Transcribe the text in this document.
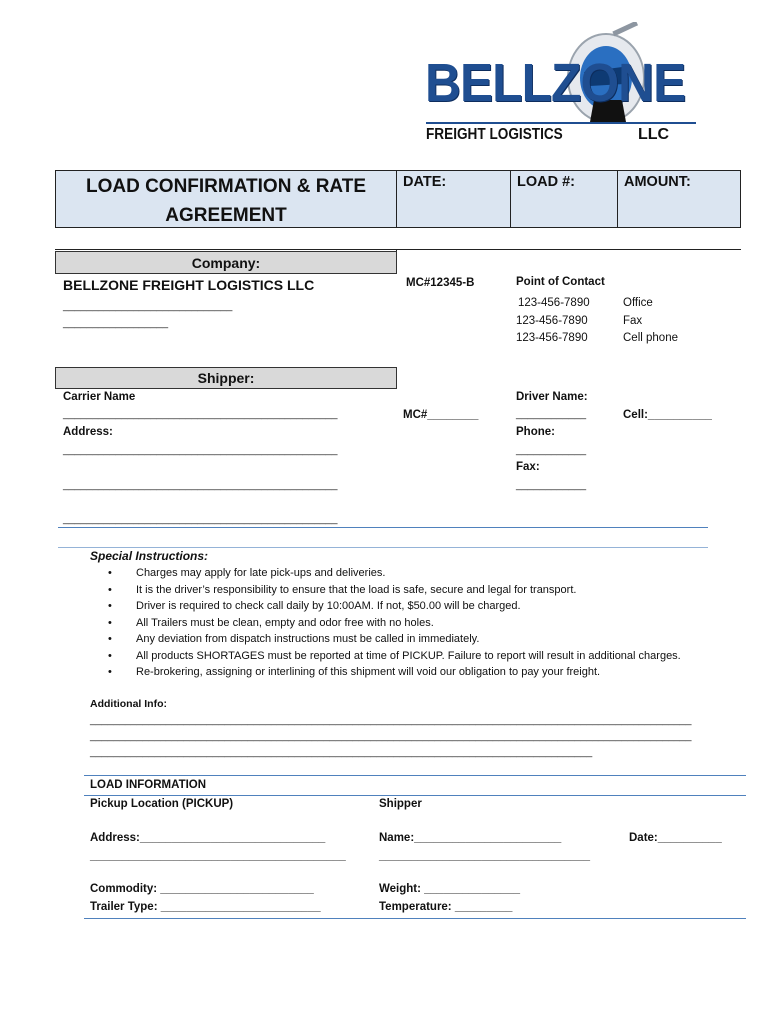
BELLZONE
FREIGHT LOGISTICS	LLC
LOAD CONFIRMATION & RATE
AGREEMENT
DATE:	LOAD #:	AMOUNT:
Company:
BELLZONE FREIGHT LOGISTICS LLC
_____________________________
__________________
MC#12345-B	Point of Contact
123-456-7890	Office
123-456-7890	Fax
123-456-7890	Cell phone
Shipper:
Carrier Name
_______________________________________________
Address:
_______________________________________________
_______________________________________________
_______________________________________________
MC#________
Driver Name:
____________	Cell:__________
Phone:
____________
Fax:
____________
Special Instructions:
• Charges may apply for late pick-ups and deliveries.
• It is the driver’s responsibility to ensure that the load is safe, secure and legal for transport.
• Driver is required to check call daily by 10:00AM. If not, $50.00 will be charged.
• All Trailers must be clean, empty and odor free with no holes.
• Any deviation from dispatch instructions must be called in immediately.
• All products SHORTAGES must be reported at time of PICKUP. Failure to report will result in additional charges.
• Re-brokering, assigning or interlining of this shipment will void our obligation to pay your freight.
Additional Info:
_______________________________________________________________________________________________________
_______________________________________________________________________________________________________
______________________________________________________________________________________
LOAD INFORMATION
Pickup Location (PICKUP)	Shipper
Address:_____________________________
________________________________________
Name:_______________________
_________________________________
Date:__________
Commodity: ________________________	Weight: _______________
Trailer Type: _________________________	Temperature: _________
